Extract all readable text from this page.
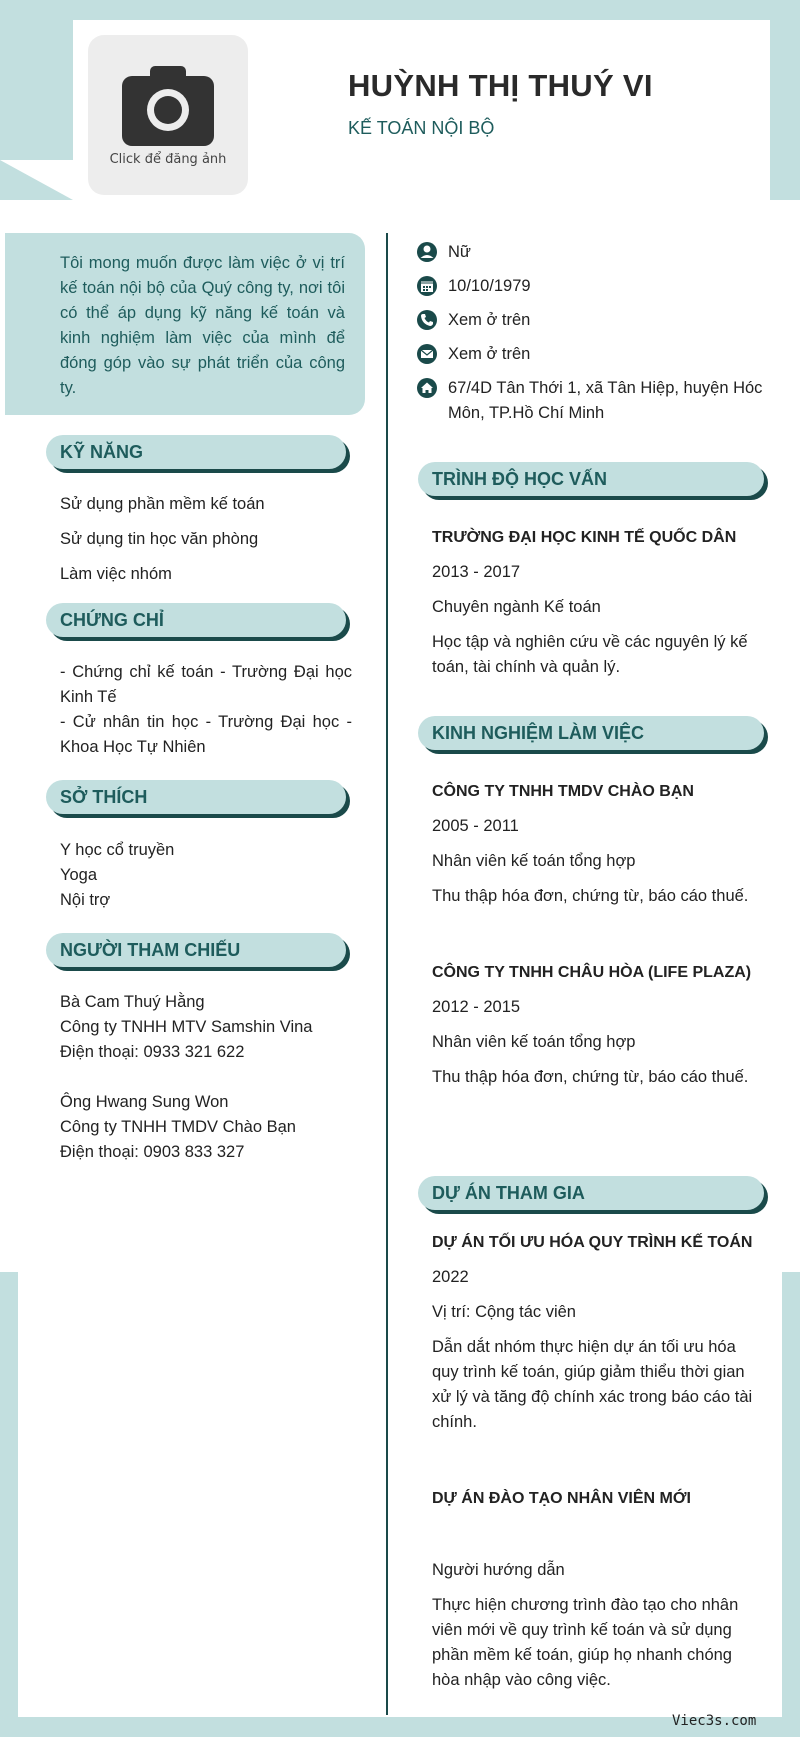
Click để đăng ảnh
HUỲNH THỊ THUÝ VI
KẾ TOÁN NỘI BỘ
Tôi mong muốn được làm việc ở vị trí kế toán nội bộ của Quý công ty, nơi tôi có thể áp dụng kỹ năng kế toán và kinh nghiệm làm việc của mình để đóng góp vào sự phát triển của công ty.
KỸ NĂNG
Sử dụng phần mềm kế toán
Sử dụng tin học văn phòng
Làm việc nhóm
CHỨNG CHỈ
- Chứng chỉ kế toán - Trường Đại học Kinh Tế
- Cử nhân tin học - Trường Đại học - Khoa Học Tự Nhiên
SỞ THÍCH
Y học cổ truyền
Yoga
Nội trợ
NGƯỜI THAM CHIẾU
Bà Cam Thuý Hằng
Công ty TNHH MTV Samshin Vina
Điện thoại: 0933 321 622
Ông Hwang Sung Won
Công ty TNHH TMDV Chào Bạn
Điện thoại: 0903 833 327
Nữ
10/10/1979
Xem ở trên
Xem ở trên
67/4D Tân Thới 1, xã Tân Hiệp, huyện Hóc Môn, TP.Hồ Chí Minh
TRÌNH ĐỘ HỌC VẤN
TRƯỜNG ĐẠI HỌC KINH TẾ QUỐC DÂN
2013 - 2017
Chuyên ngành Kế toán
Học tập và nghiên cứu về các nguyên lý kế toán, tài chính và quản lý.
KINH NGHIỆM LÀM VIỆC
CÔNG TY TNHH TMDV CHÀO BẠN
2005 - 2011
Nhân viên kế toán tổng hợp
Thu thập hóa đơn, chứng từ, báo cáo thuế.
CÔNG TY TNHH CHÂU HÒA (LIFE PLAZA)
2012 - 2015
Nhân viên kế toán tổng hợp
Thu thập hóa đơn, chứng từ, báo cáo thuế.
DỰ ÁN THAM GIA
DỰ ÁN TỐI ƯU HÓA QUY TRÌNH KẾ TOÁN
2022
Vị trí: Cộng tác viên
Dẫn dắt nhóm thực hiện dự án tối ưu hóa quy trình kế toán, giúp giảm thiểu thời gian xử lý và tăng độ chính xác trong báo cáo tài chính.
DỰ ÁN ĐÀO TẠO NHÂN VIÊN MỚI
Người hướng dẫn
Thực hiện chương trình đào tạo cho nhân viên mới về quy trình kế toán và sử dụng phần mềm kế toán, giúp họ nhanh chóng hòa nhập vào công việc.
Viec3s.com
